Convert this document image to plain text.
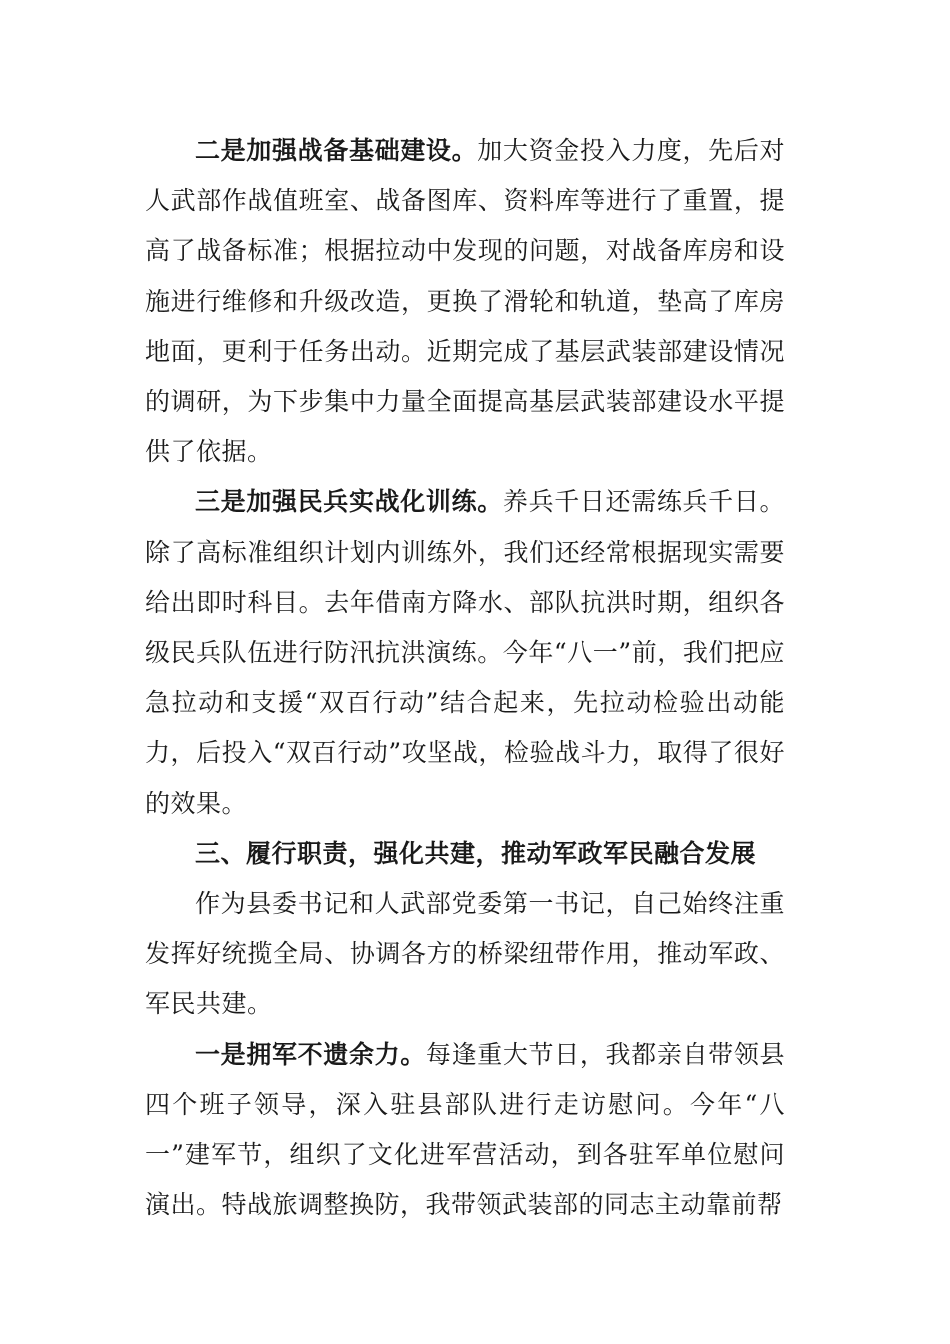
二是加强战备基础建设。加大资金投入力度，先后对人武部作战值班室、战备图库、资料库等进行了重置，提高了战备标准；根据拉动中发现的问题，对战备库房和设施进行维修和升级改造，更换了滑轮和轨道，垫高了库房地面，更利于任务出动。近期完成了基层武装部建设情况的调研，为下步集中力量全面提高基层武装部建设水平提供了依据。

三是加强民兵实战化训练。养兵千日还需练兵千日。除了高标准组织计划内训练外，我们还经常根据现实需要给出即时科目。去年借南方降水、部队抗洪时期，组织各级民兵队伍进行防汛抗洪演练。今年“八一”前，我们把应急拉动和支援“双百行动”结合起来，先拉动检验出动能力，后投入“双百行动”攻坚战，检验战斗力，取得了很好的效果。

三、履行职责，强化共建，推动军政军民融合发展

作为县委书记和人武部党委第一书记，自己始终注重发挥好统揽全局、协调各方的桥梁纽带作用，推动军政、军民共建。

一是拥军不遗余力。每逢重大节日，我都亲自带领县四个班子领导，深入驻县部队进行走访慰问。今年“八一”建军节，组织了文化进军营活动，到各驻军单位慰问演出。特战旅调整换防，我带领武装部的同志主动靠前帮
